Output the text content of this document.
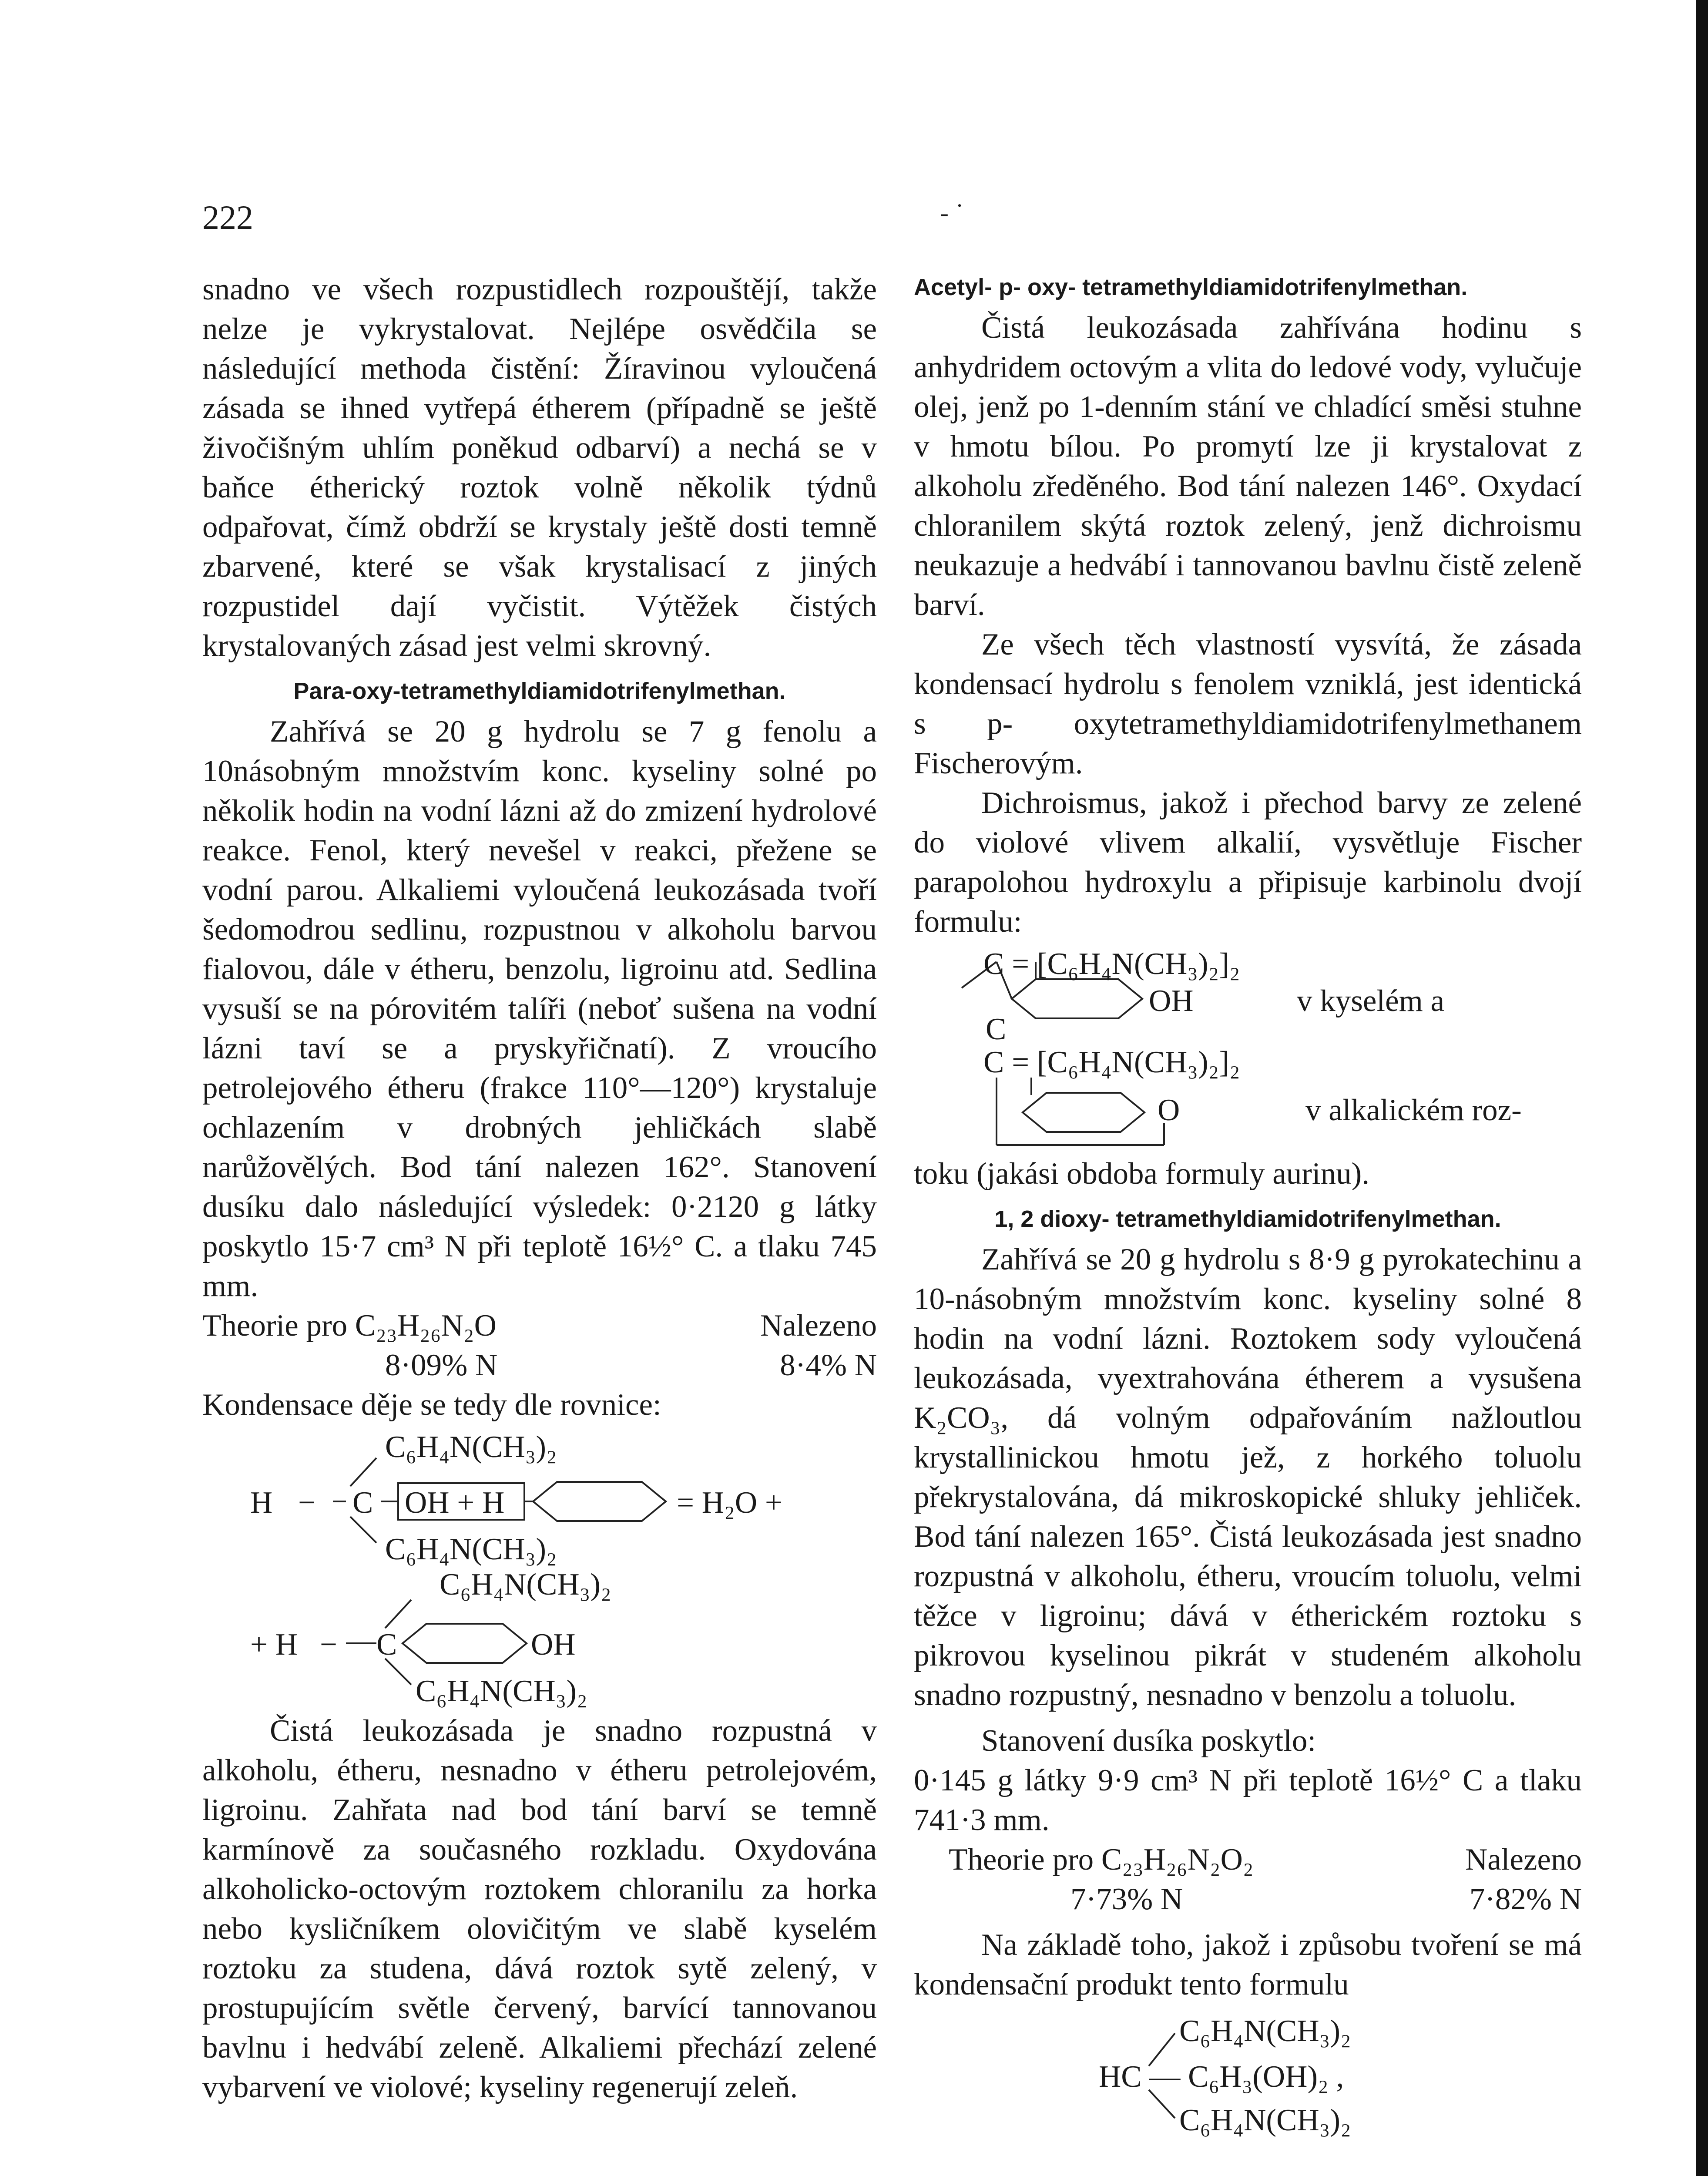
222	- ˙

snadno ve všech rozpustidlech rozpouštějí, takže nelze je vykrystalovat. Nejlépe osvědčila se následující methoda čistění: Žíravinou vyloučená zásada se ihned vytřepá étherem (případně se ještě živočišným uhlím poněkud odbarví) a nechá se v baňce étherický roztok volně několik týdnů odpařovat, čímž obdrží se krystaly ještě dosti temně zbarvené, které se však krystalisací z jiných rozpustidel dají vyčistit. Výtěžek čistých krystalovaných zásad jest velmi skrovný.

Para-oxy-tetramethyldiamidotrifenylmethan.

Zahřívá se 20 g hydrolu se 7 g fenolu a 10násobným množstvím konc. kyseliny solné po několik hodin na vodní lázni až do zmizení hydrolové reakce. Fenol, který nevešel v reakci, přežene se vodní parou. Alkaliemi vyloučená leukozásada tvoří šedomodrou sedlinu, rozpustnou v alkoholu barvou fialovou, dále v étheru, benzolu, ligroinu atd. Sedlina vysuší se na pórovitém talíři (neboť sušena na vodní lázni taví se a pryskyřičnatí). Z vroucího petrolejového étheru (frakce 110°—120°) krystaluje ochlazením v drobných jehličkách slabě narůžovělých. Bod tání nalezen 162°. Stanovení dusíku dalo následující výsledek: 0·2120 g látky poskytlo 15·7 cm³ N při teplotě 16½° C. a tlaku 745 mm.

Theorie pro C₂₃H₂₆N₂O	Nalezeno
8·09% N	8·4% N

Kondensace děje se tedy dle rovnice:

C₆H₄N(CH₃)₂
H − C OH + H	= H₂O +
C₆H₄N(CH₃)₂
C₆H₄N(CH₃)₂
+ H − C	OH
C₆H₄N(CH₃)₂

Čistá leukozásada je snadno rozpustná v alkoholu, étheru, nesnadno v étheru petrolejovém, ligroinu. Zahřata nad bod tání barví se temně karmínově za současného rozkladu. Oxydována alkoholicko-octovým roztokem chloranilu za horka nebo kysličníkem olovičitým ve slabě kyselém roztoku za studena, dává roztok sytě zelený, v prostupujícím světle červený, barvící tannovanou bavlnu i hedvábí zeleně. Alkaliemi přechází zelené vybarvení ve violové; kyseliny regenerují zeleň.

Acetyl- p- oxy- tetramethyldiamidotrifenylmethan.

Čistá leukozásada zahřívána hodinu s anhydridem octovým a vlita do ledové vody, vylučuje olej, jenž po 1-denním stání ve chladící směsi stuhne v hmotu bílou. Po promytí lze ji krystalovat z alkoholu zředěného. Bod tání nalezen 146°. Oxydací chloranilem skýtá roztok zelený, jenž dichroismu neukazuje a hedvábí i tannovanou bavlnu čistě zeleně barví.

Ze všech těch vlastností vysvítá, že zásada kondensací hydrolu s fenolem vzniklá, jest identická s p- oxytetramethyldiamidotrifenylmethanem Fischerovým.

Dichroismus, jakož i přechod barvy ze zelené do violové vlivem alkalií, vysvětluje Fischer parapolohou hydroxylu a připisuje karbinolu dvojí formulu:

C = [C₆H₄N(CH₃)₂]₂
C
OH	v kyselém a
C = [C₆H₄N(CH₃)₂]₂
O	v alkalickém roz-

toku (jakási obdoba formuly aurinu).

1, 2 dioxy- tetramethyldiamidotrifenylmethan.

Zahřívá se 20 g hydrolu s 8·9 g pyrokatechinu a 10-násobným množstvím konc. kyseliny solné 8 hodin na vodní lázni. Roztokem sody vyloučená leukozásada, vyextrahována étherem a vysušena K₂CO₃, dá volným odpařováním nažloutlou krystallinickou hmotu jež, z horkého toluolu překrystalována, dá mikroskopické shluky jehliček. Bod tání nalezen 165°. Čistá leukozásada jest snadno rozpustná v alkoholu, étheru, vroucím toluolu, velmi těžce v ligroinu; dává v étherickém roztoku s pikrovou kyselinou pikrát v studeném alkoholu snadno rozpustný, nesnadno v benzolu a toluolu.

Stanovení dusíka poskytlo:

0·145 g látky 9·9 cm³ N při teplotě 16½° C a tlaku 741·3 mm.

Theorie pro C₂₃H₂₆N₂O₂	Nalezeno
7·73% N	7·82% N

Na základě toho, jakož i způsobu tvoření se má kondensační produkt tento formulu

C₆H₄N(CH₃)₂
HC — C₆H₃(OH)₂ ,
C₆H₄N(CH₃)₂
